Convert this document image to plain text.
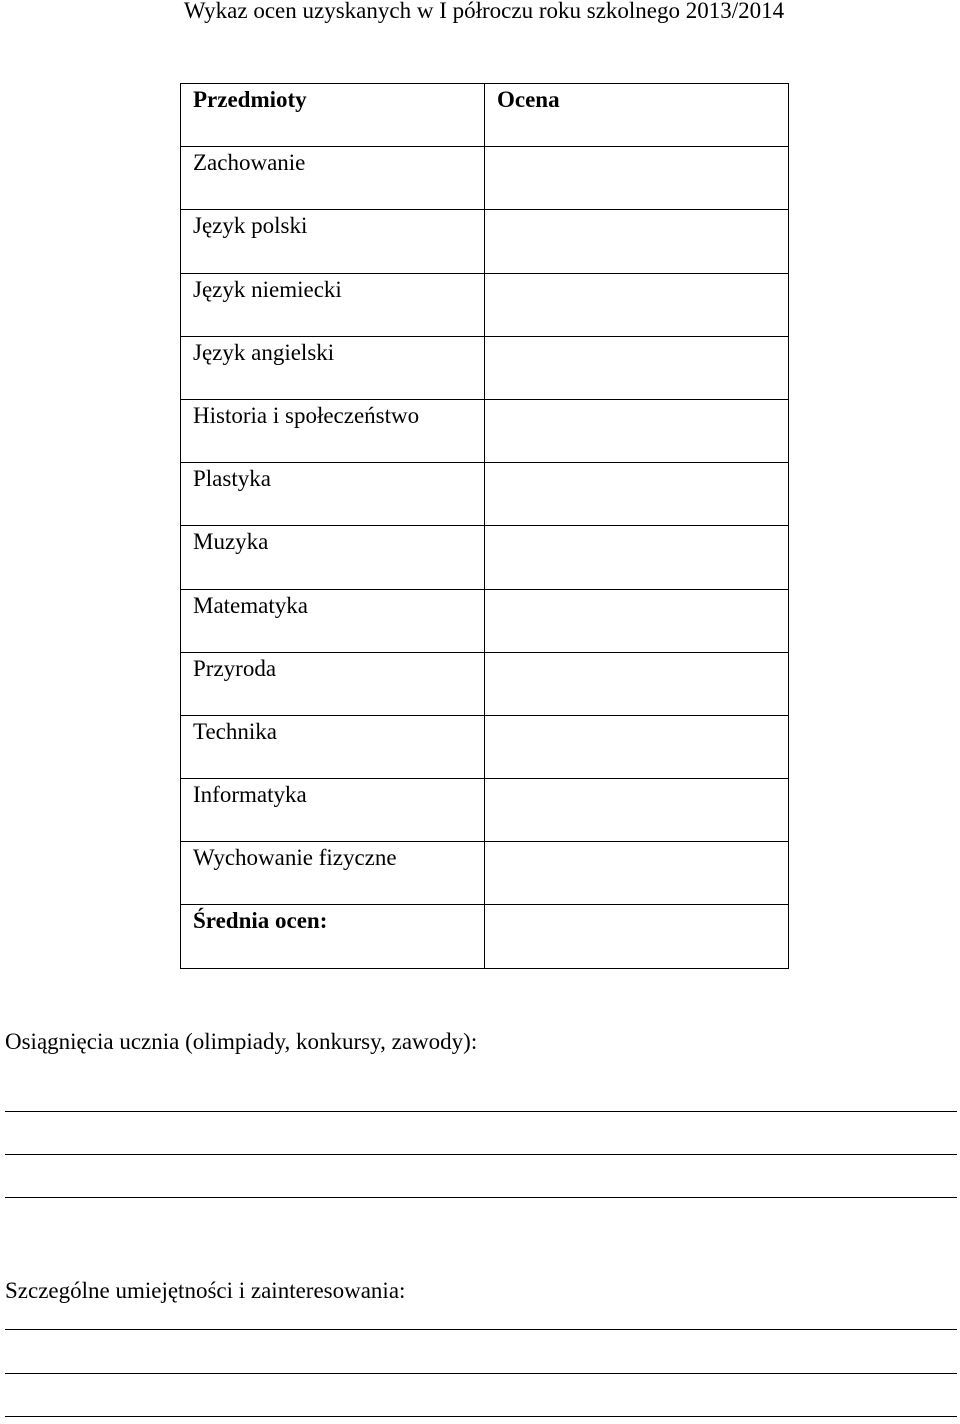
Wykaz ocen uzyskanych w I półroczu roku szkolnego 2013/2014
Przedmioty	Ocena
Zachowanie	
Język polski	
Język niemiecki	
Język angielski	
Historia i społeczeństwo	
Plastyka	
Muzyka	
Matematyka	
Przyroda	
Technika	
Informatyka	
Wychowanie fizyczne	
Średnia ocen:	
Osiągnięcia ucznia (olimpiady, konkursy, zawody):
Szczególne umiejętności i zainteresowania:
